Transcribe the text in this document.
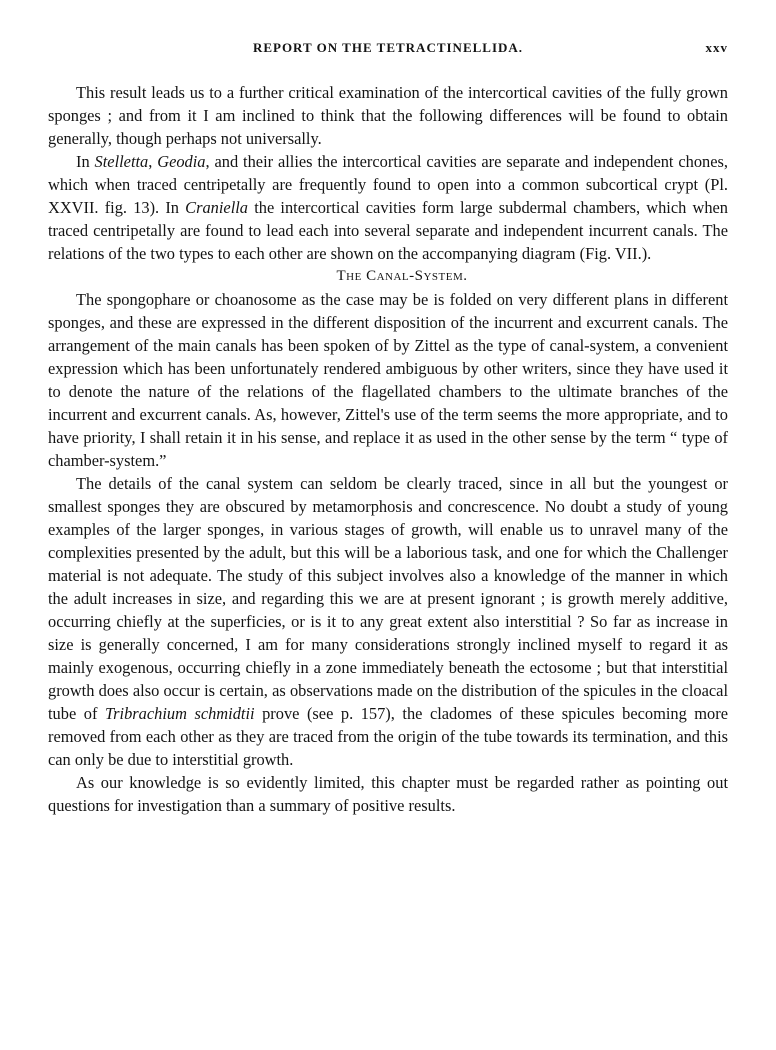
REPORT ON THE TETRACTINELLIDA.	xxv

This result leads us to a further critical examination of the intercortical cavities of the fully grown sponges ; and from it I am inclined to think that the following differences will be found to obtain generally, though perhaps not universally.

In Stelletta, Geodia, and their allies the intercortical cavities are separate and independent chones, which when traced centripetally are frequently found to open into a common subcortical crypt (Pl. XXVII. fig. 13). In Craniella the intercortical cavities form large subdermal chambers, which when traced centripetally are found to lead each into several separate and independent incurrent canals. The relations of the two types to each other are shown on the accompanying diagram (Fig. VII.).

The Canal-System.

The spongophare or choanosome as the case may be is folded on very different plans in different sponges, and these are expressed in the different disposition of the incurrent and excurrent canals. The arrangement of the main canals has been spoken of by Zittel as the type of canal-system, a convenient expression which has been unfortunately rendered ambiguous by other writers, since they have used it to denote the nature of the relations of the flagellated chambers to the ultimate branches of the incurrent and excurrent canals. As, however, Zittel's use of the term seems the more appropriate, and to have priority, I shall retain it in his sense, and replace it as used in the other sense by the term “ type of chamber-system.”

The details of the canal system can seldom be clearly traced, since in all but the youngest or smallest sponges they are obscured by metamorphosis and concrescence. No doubt a study of young examples of the larger sponges, in various stages of growth, will enable us to unravel many of the complexities presented by the adult, but this will be a laborious task, and one for which the Challenger material is not adequate. The study of this subject involves also a knowledge of the manner in which the adult increases in size, and regarding this we are at present ignorant ; is growth merely additive, occurring chiefly at the superficies, or is it to any great extent also interstitial ? So far as increase in size is generally concerned, I am for many considerations strongly inclined myself to regard it as mainly exogenous, occurring chiefly in a zone immediately beneath the ectosome ; but that interstitial growth does also occur is certain, as observations made on the distribution of the spicules in the cloacal tube of Tribrachium schmidtii prove (see p. 157), the cladomes of these spicules becoming more removed from each other as they are traced from the origin of the tube towards its termination, and this can only be due to interstitial growth.

As our knowledge is so evidently limited, this chapter must be regarded rather as pointing out questions for investigation than a summary of positive results.
